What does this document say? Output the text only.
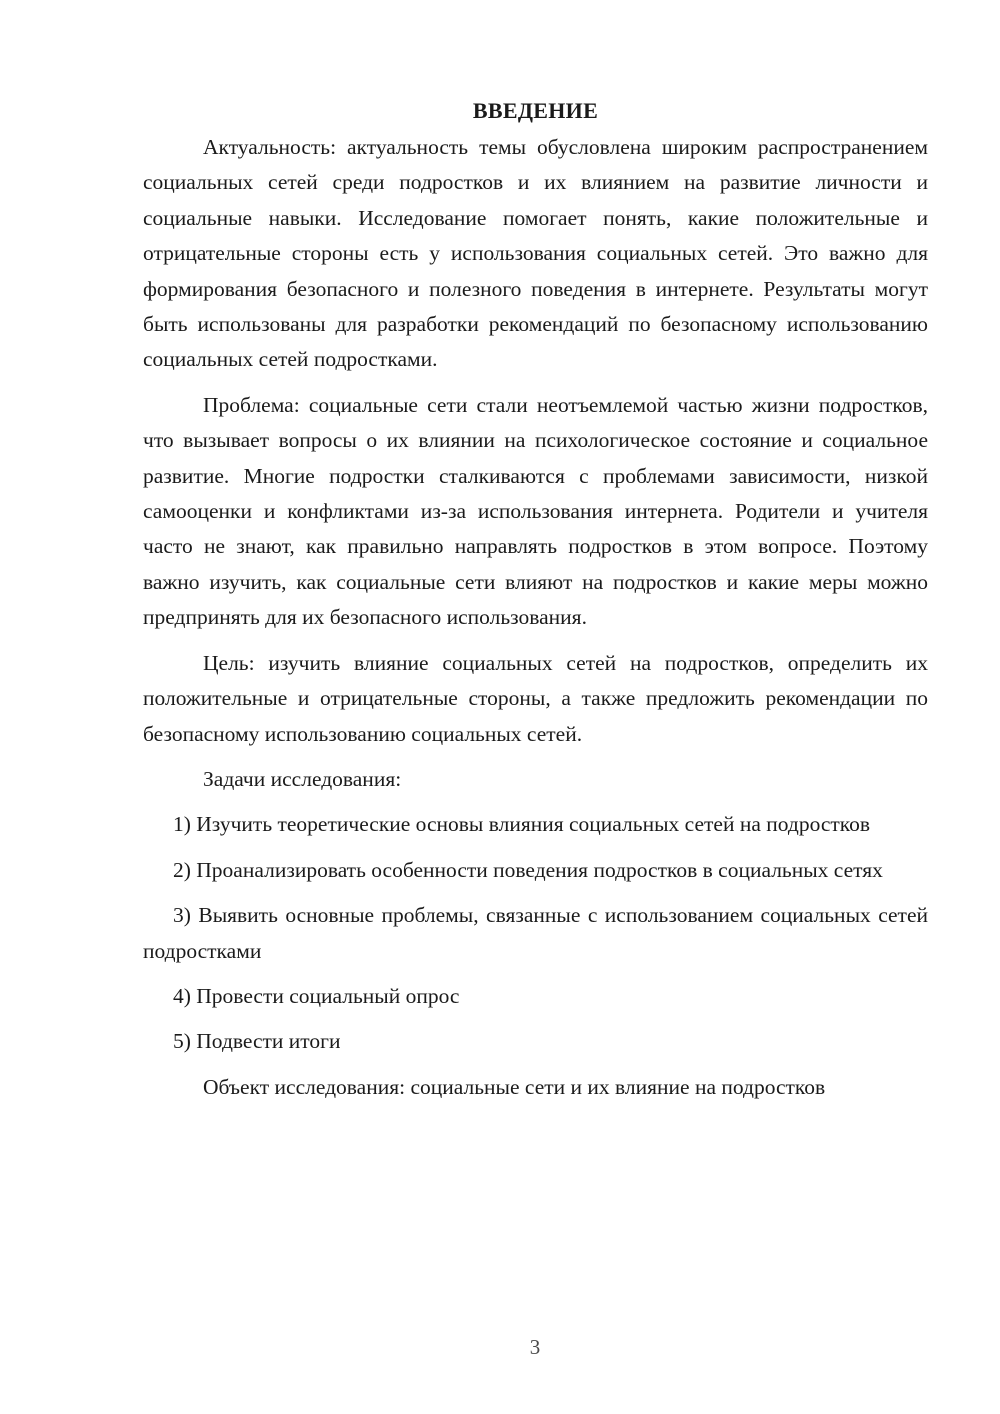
ВВЕДЕНИЕ

Актуальность: актуальность темы обусловлена широким распространением социальных сетей среди подростков и их влиянием на развитие личности и социальные навыки. Исследование помогает понять, какие положительные и отрицательные стороны есть у использования социальных сетей. Это важно для формирования безопасного и полезного поведения в интернете. Результаты могут быть использованы для разработки рекомендаций по безопасному использованию социальных сетей подростками.

Проблема: социальные сети стали неотъемлемой частью жизни подростков, что вызывает вопросы о их влиянии на психологическое состояние и социальное развитие. Многие подростки сталкиваются с проблемами зависимости, низкой самооценки и конфликтами из-за использования интернета. Родители и учителя часто не знают, как правильно направлять подростков в этом вопросе. Поэтому важно изучить, как социальные сети влияют на подростков и какие меры можно предпринять для их безопасного использования.

Цель: изучить влияние социальных сетей на подростков, определить их положительные и отрицательные стороны, а также предложить рекомендации по безопасному использованию социальных сетей.

Задачи исследования:

1) Изучить теоретические основы влияния социальных сетей на подростков
2) Проанализировать особенности поведения подростков в социальных сетях
3) Выявить основные проблемы, связанные с использованием социальных сетей подростками
4) Провести социальный опрос
5) Подвести итоги

Объект исследования: социальные сети и их влияние на подростков

3
